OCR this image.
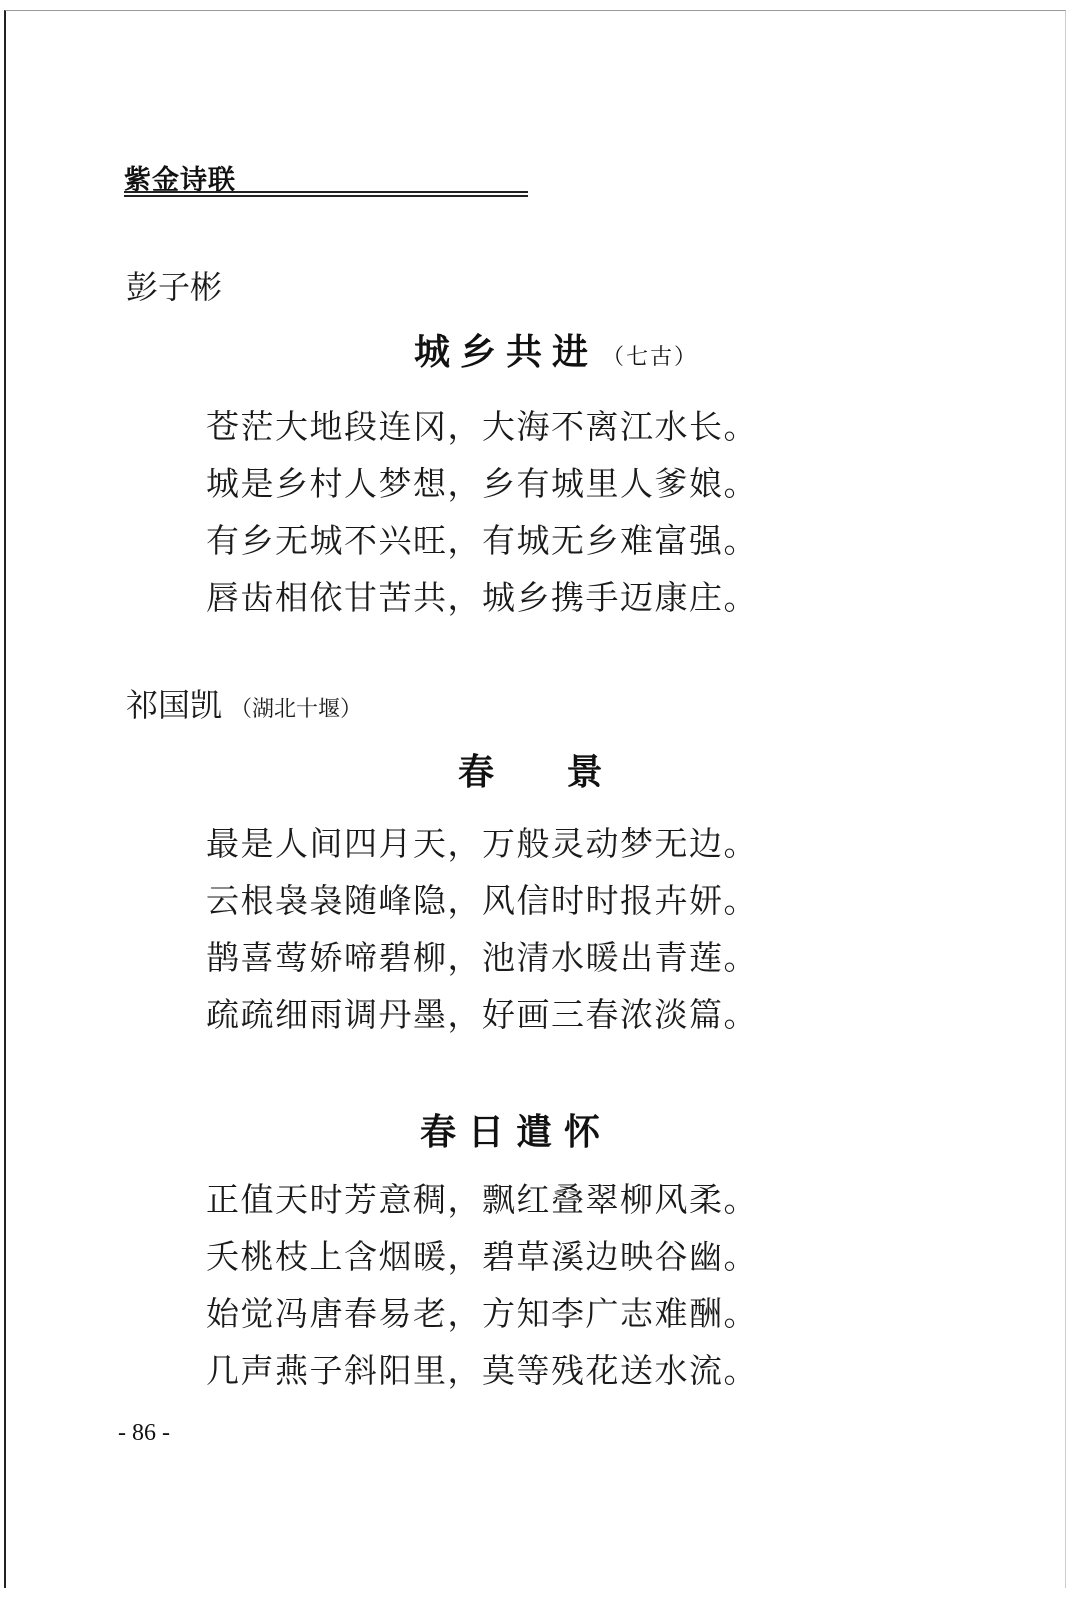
紫金诗联
彭子彬
城乡共进 （七古）
苍茫大地段连冈，大海不离江水长。
城是乡村人梦想，乡有城里人爹娘。
有乡无城不兴旺，有城无乡难富强。
唇齿相依甘苦共，城乡携手迈康庄。
祁国凯 （湖北十堰）
春 景
最是人间四月天，万般灵动梦无边。
云根袅袅随峰隐，风信时时报卉妍。
鹊喜莺娇啼碧柳，池清水暖出青莲。
疏疏细雨调丹墨，好画三春浓淡篇。
春日遣怀
正值天时芳意稠，飘红叠翠柳风柔。
夭桃枝上含烟暖，碧草溪边映谷幽。
始觉冯唐春易老，方知李广志难酬。
几声燕子斜阳里，莫等残花送水流。
- 86 -
